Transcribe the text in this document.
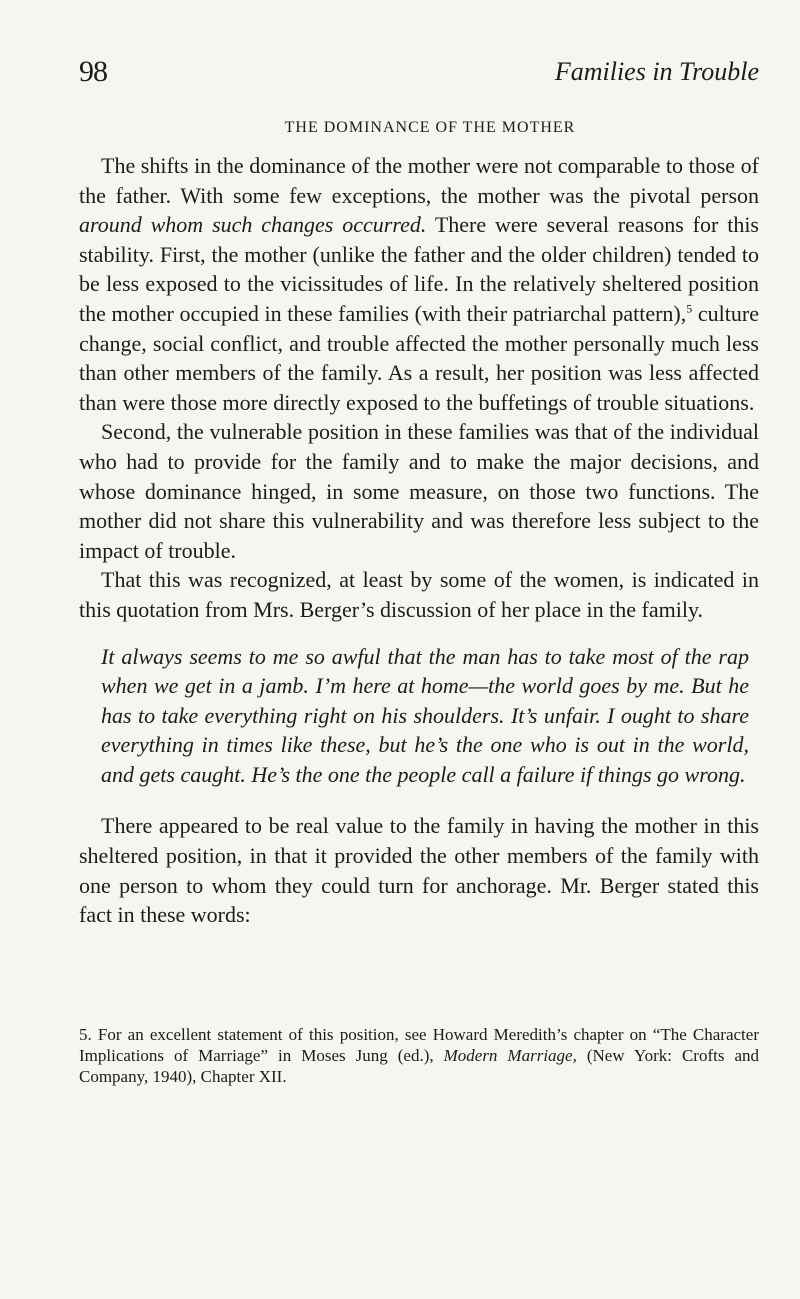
98	Families in Trouble
THE DOMINANCE OF THE MOTHER

The shifts in the dominance of the mother were not comparable to those of the father. With some few exceptions, the mother was the pivotal person around whom such changes occurred. There were several reasons for this stability. First, the mother (unlike the father and the older children) tended to be less exposed to the vicissitudes of life. In the relatively sheltered position the mother occupied in these families (with their patriarchal pattern),$^5$ culture change, social conflict, and trouble affected the mother personally much less than other members of the family. As a result, her position was less affected than were those more directly exposed to the buffetings of trouble situations.

Second, the vulnerable position in these families was that of the individual who had to provide for the family and to make the major decisions, and whose dominance hinged, in some measure, on those two functions. The mother did not share this vulnerability and was therefore less subject to the impact of trouble.

That this was recognized, at least by some of the women, is indicated in this quotation from Mrs. Berger’s discussion of her place in the family.

It always seems to me so awful that the man has to take most of the rap when we get in a jamb. I’m here at home—the world goes by me. But he has to take everything right on his shoulders. It’s unfair. I ought to share everything in times like these, but he’s the one who is out in the world, and gets caught. He’s the one the people call a failure if things go wrong.

There appeared to be real value to the family in having the mother in this sheltered position, in that it provided the other members of the family with one person to whom they could turn for anchorage. Mr. Berger stated this fact in these words:

5. For an excellent statement of this position, see Howard Meredith’s chapter on “The Character Implications of Marriage” in Moses Jung (ed.), Modern Marriage, (New York: Crofts and Company, 1940), Chapter XII.
